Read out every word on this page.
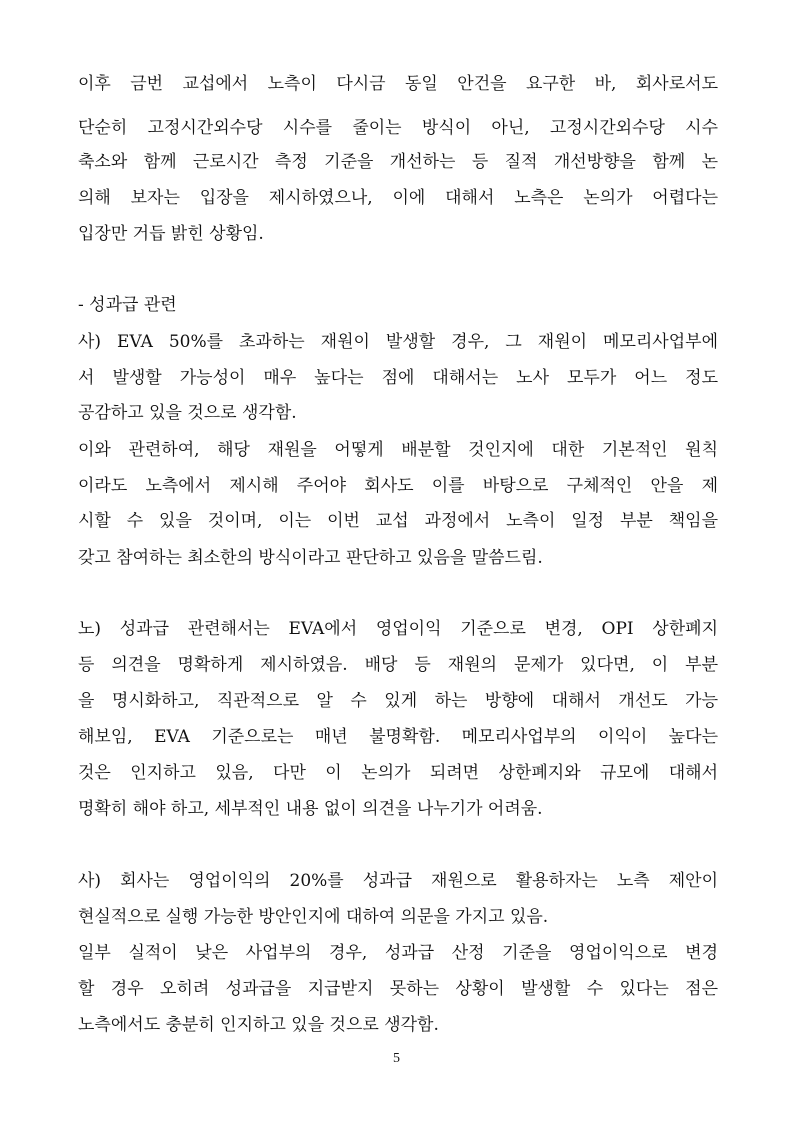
이후 금번 교섭에서 노측이 다시금 동일 안건을 요구한 바, 회사로서도
단순히 고정시간외수당 시수를 줄이는 방식이 아닌, 고정시간외수당 시수
축소와 함께 근로시간 측정 기준을 개선하는 등 질적 개선방향을 함께 논
의해 보자는 입장을 제시하였으나, 이에 대해서 노측은 논의가 어렵다는
입장만 거듭 밝힌 상황임.
- 성과급 관련
사) EVA 50%를 초과하는 재원이 발생할 경우, 그 재원이 메모리사업부에
서 발생할 가능성이 매우 높다는 점에 대해서는 노사 모두가 어느 정도
공감하고 있을 것으로 생각함.
이와 관련하여, 해당 재원을 어떻게 배분할 것인지에 대한 기본적인 원칙
이라도 노측에서 제시해 주어야 회사도 이를 바탕으로 구체적인 안을 제
시할 수 있을 것이며, 이는 이번 교섭 과정에서 노측이 일정 부분 책임을
갖고 참여하는 최소한의 방식이라고 판단하고 있음을 말씀드림.
노) 성과급 관련해서는 EVA에서 영업이익 기준으로 변경, OPI 상한폐지
등 의견을 명확하게 제시하였음. 배당 등 재원의 문제가 있다면, 이 부분
을 명시화하고, 직관적으로 알 수 있게 하는 방향에 대해서 개선도 가능
해보임, EVA 기준으로는 매년 불명확함. 메모리사업부의 이익이 높다는
것은 인지하고 있음, 다만 이 논의가 되려면 상한폐지와 규모에 대해서
명확히 해야 하고, 세부적인 내용 없이 의견을 나누기가 어려움.
사) 회사는 영업이익의 20%를 성과급 재원으로 활용하자는 노측 제안이
현실적으로 실행 가능한 방안인지에 대하여 의문을 가지고 있음.
일부 실적이 낮은 사업부의 경우, 성과급 산정 기준을 영업이익으로 변경
할 경우 오히려 성과급을 지급받지 못하는 상황이 발생할 수 있다는 점은
노측에서도 충분히 인지하고 있을 것으로 생각함.
5
